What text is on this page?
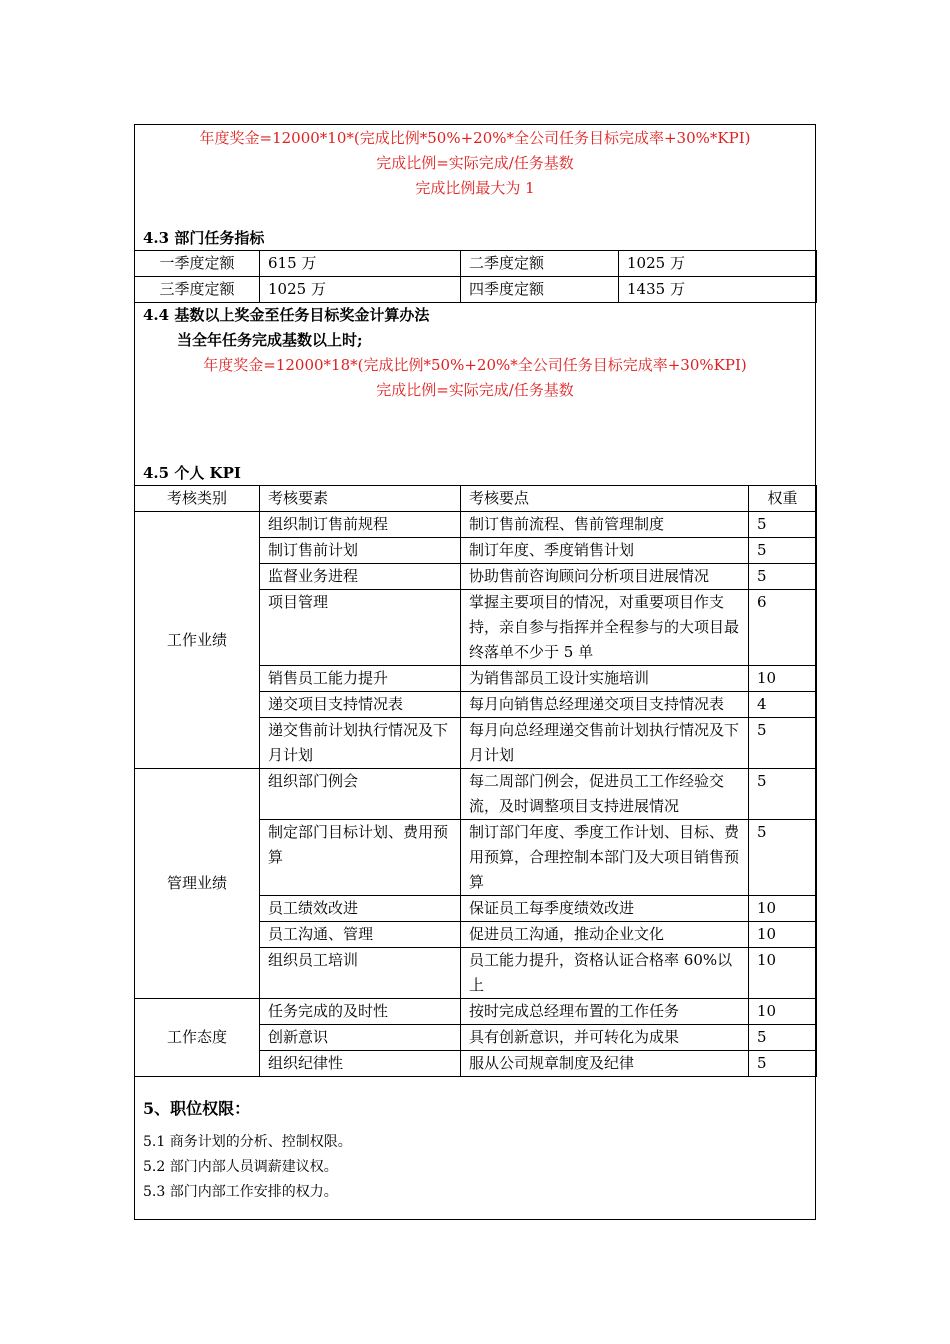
年度奖金=12000*10*(完成比例*50%+20%*全公司任务目标完成率+30%*KPI)
完成比例=实际完成/任务基数
完成比例最大为 1
4.3 部门任务指标
一季度定额	615 万	二季度定额	1025 万
三季度定额	1025 万	四季度定额	1435 万
4.4 基数以上奖金至任务目标奖金计算办法
当全年任务完成基数以上时;
年度奖金=12000*18*(完成比例*50%+20%*全公司任务目标完成率+30%KPI)
完成比例=实际完成/任务基数
4.5 个人 KPI
考核类别	考核要素	考核要点	权重
工作业绩	组织制订售前规程	制订售前流程、售前管理制度	5
	制订售前计划	制订年度、季度销售计划	5
	监督业务进程	协助售前咨询顾问分析项目进展情况	5
	项目管理	掌握主要项目的情况，对重要项目作支持，亲自参与指挥并全程参与的大项目最终落单不少于 5 单	6
	销售员工能力提升	为销售部员工设计实施培训	10
	递交项目支持情况表	每月向销售总经理递交项目支持情况表	4
	递交售前计划执行情况及下月计划	每月向总经理递交售前计划执行情况及下月计划	5
管理业绩	组织部门例会	每二周部门例会，促进员工工作经验交流，及时调整项目支持进展情况	5
	制定部门目标计划、费用预算	制订部门年度、季度工作计划、目标、费用预算，合理控制本部门及大项目销售预算	5
	员工绩效改进	保证员工每季度绩效改进	10
	员工沟通、管理	促进员工沟通，推动企业文化	10
	组织员工培训	员工能力提升，资格认证合格率 60%以上	10
工作态度	任务完成的及时性	按时完成总经理布置的工作任务	10
	创新意识	具有创新意识，并可转化为成果	5
	组织纪律性	服从公司规章制度及纪律	5
5、职位权限：
5.1 商务计划的分析、控制权限。
5.2 部门内部人员调薪建议权。
5.3 部门内部工作安排的权力。
